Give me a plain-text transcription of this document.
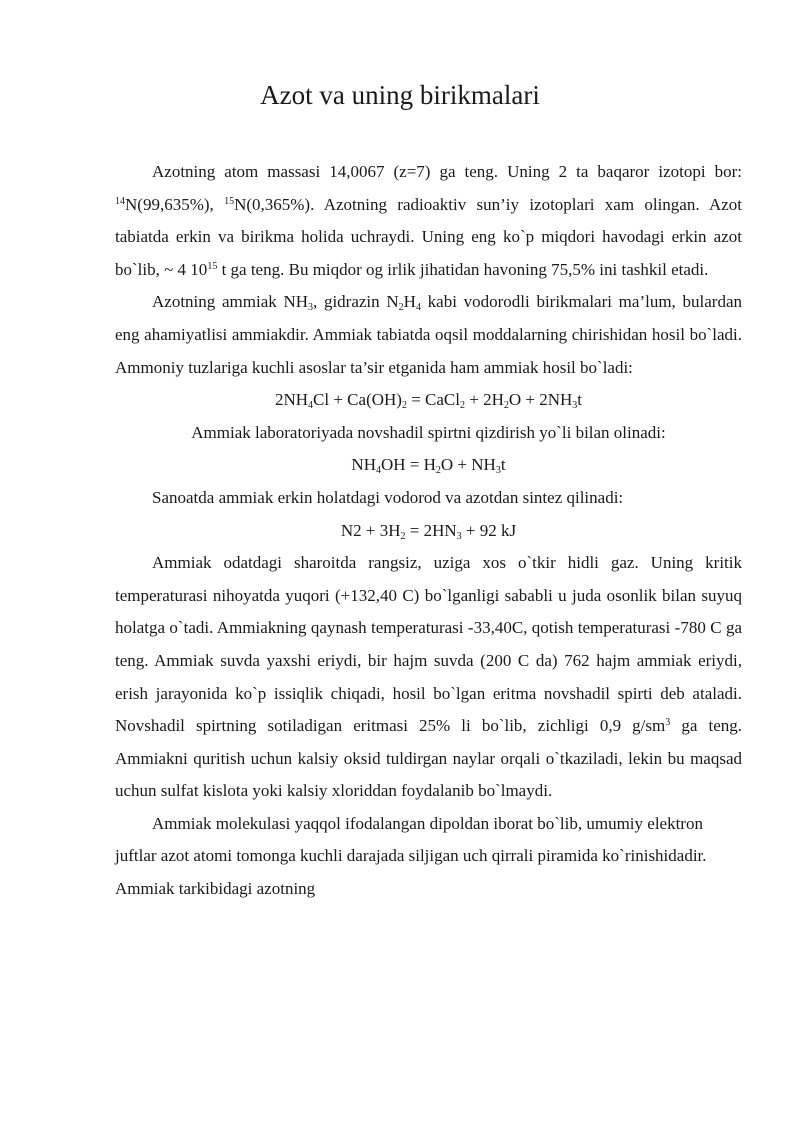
Azot va uning birikmalari

Azotning atom massasi 14,0067 (z=7) ga teng. Uning 2 ta baqaror izotopi bor: $^{14}$N(99,635%), $^{15}$N(0,365%). Azotning radioaktiv sun’iy izotoplari xam olingan. Azot tabiatda erkin va birikma holida uchraydi. Uning eng ko`p miqdori havodagi erkin azot bo`lib, ~ 4 $10^{15}$ t ga teng. Bu miqdor og irlik jihatidan havoning 75,5% ini tashkil etadi.

Azotning ammiak $NH_3$, gidrazin $N_2H_4$ kabi vodorodli birikmalari ma’lum, bulardan eng ahamiyatlisi ammiakdir. Ammiak tabiatda oqsil moddalarning chirishidan hosil bo`ladi. Ammoniy tuzlariga kuchli asoslar ta’sir etganida ham ammiak hosil bo`ladi:

$2NH_4Cl + Ca(OH)_2$ = CaCl$_2$ + $2H_2O + 2NH_3t$

Ammiak laboratoriyada novshadil spirtni qizdirish yo`li bilan olinadi:

$NH_4OH = H_2O + NH_3t$

Sanoatda ammiak erkin holatdagi vodorod va azotdan sintez qilinadi:

$N2 + 3H_2 = 2HN_3 + 92$ kJ

Ammiak odatdagi sharoitda rangsiz, uziga xos o`tkir hidli gaz. Uning kritik temperaturasi nihoyatda yuqori (+132,40 C) bo`lganligi sababli u juda osonlik bilan suyuq holatga o`tadi. Ammiakning qaynash temperaturasi -33,40C, qotish temperaturasi -780 C ga teng. Ammiak suvda yaxshi eriydi, bir hajm suvda (200 C da) 762 hajm ammiak eriydi, erish jarayonida ko`p issiqlik chiqadi, hosil bo`lgan eritma novshadil spirti deb ataladi. Novshadil spirtning sotiladigan eritmasi 25% li bo`lib, zichligi 0,9 $g/sm^3$ ga teng. Ammiakni quritish uchun kalsiy oksid tuldirgan naylar orqali o`tkaziladi, lekin bu maqsad uchun sulfat kislota yoki kalsiy xloriddan foydalanib bo`lmaydi.

Ammiak molekulasi yaqqol ifodalangan dipoldan iborat bo`lib, umumiy elektron juftlar azot atomi tomonga kuchli darajada siljigan uch qirrali piramida ko`rinishidadir. Ammiak tarkibidagi azotning
